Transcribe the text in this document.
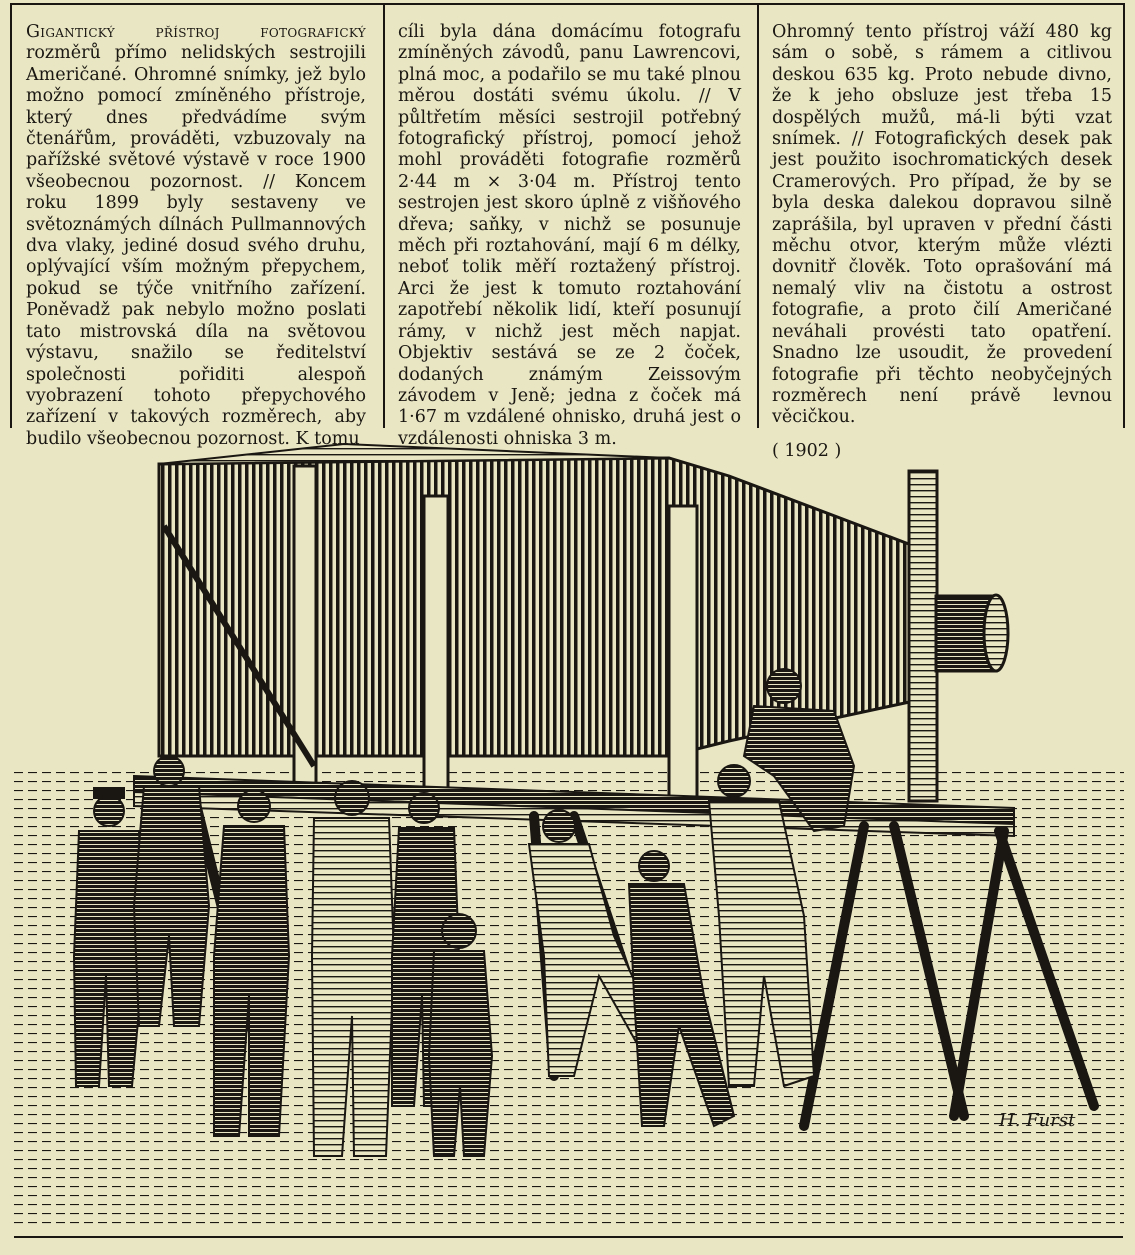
Gigantický přístroj fotografický rozměrů přímo nelidských sestrojili Američané. Ohromné snímky, jež bylo možno pomocí zmíněného přístroje, který dnes předvádíme svým čtenářům, prováděti, vzbuzovaly na pařížské světové výstavě v roce 1900 všeobecnou pozornost. // Koncem roku 1899 byly sestaveny ve světoznámých dílnách Pullmannových dva vlaky, jediné dosud svého druhu, oplývající vším možným přepychem, pokud se týče vnitřního zařízení. Poněvadž pak nebylo možno poslati tato mistrovská díla na světovou výstavu, snažilo se ředitelství společnosti pořiditi alespoň vyobrazení tohoto přepychového zařízení v takových rozměrech, aby budilo všeobecnou pozornost. K tomu

cíli byla dána domácímu fotografu zmíněných závodů, panu Lawrencovi, plná moc, a podařilo se mu také plnou měrou dostáti svému úkolu. // V půltřetím měsíci sestrojil potřebný fotografický přístroj, pomocí jehož mohl prováděti fotografie rozměrů 2·44 m × 3·04 m. Přístroj tento sestrojen jest skoro úplně z višňového dřeva; saňky, v nichž se posunuje měch při roztahování, mají 6 m délky, neboť tolik měří roztažený přístroj. Arci že jest k tomuto roztahování zapotřebí několik lidí, kteří posunují rámy, v nichž jest měch napjat. Objektiv sestává se ze 2 čoček, dodaných známým Zeissovým závodem v Jeně; jedna z čoček má 1·67 m vzdálené ohnisko, druhá jest o vzdálenosti ohniska 3 m.

Ohromný tento přístroj váží 480 kg sám o sobě, s rámem a citlivou deskou 635 kg. Proto nebude divno, že k jeho obsluze jest třeba 15 dospělých mužů, má-li býti vzat snímek. // Fotografických desek pak jest použito isochromatických desek Cramerových. Pro případ, že by se byla deska dalekou dopravou silně zaprášila, byl upraven v přední části měchu otvor, kterým může vlézti dovnitř člověk. Toto oprašování má nemalý vliv na čistotu a ostrost fotografie, a proto čilí Američané neváhali provésti tato opatření. Snadno lze usoudit, že provedení fotografie při těchto neobyčejných rozměrech není právě levnou věcičkou.

( 1902 )

H. Furst
